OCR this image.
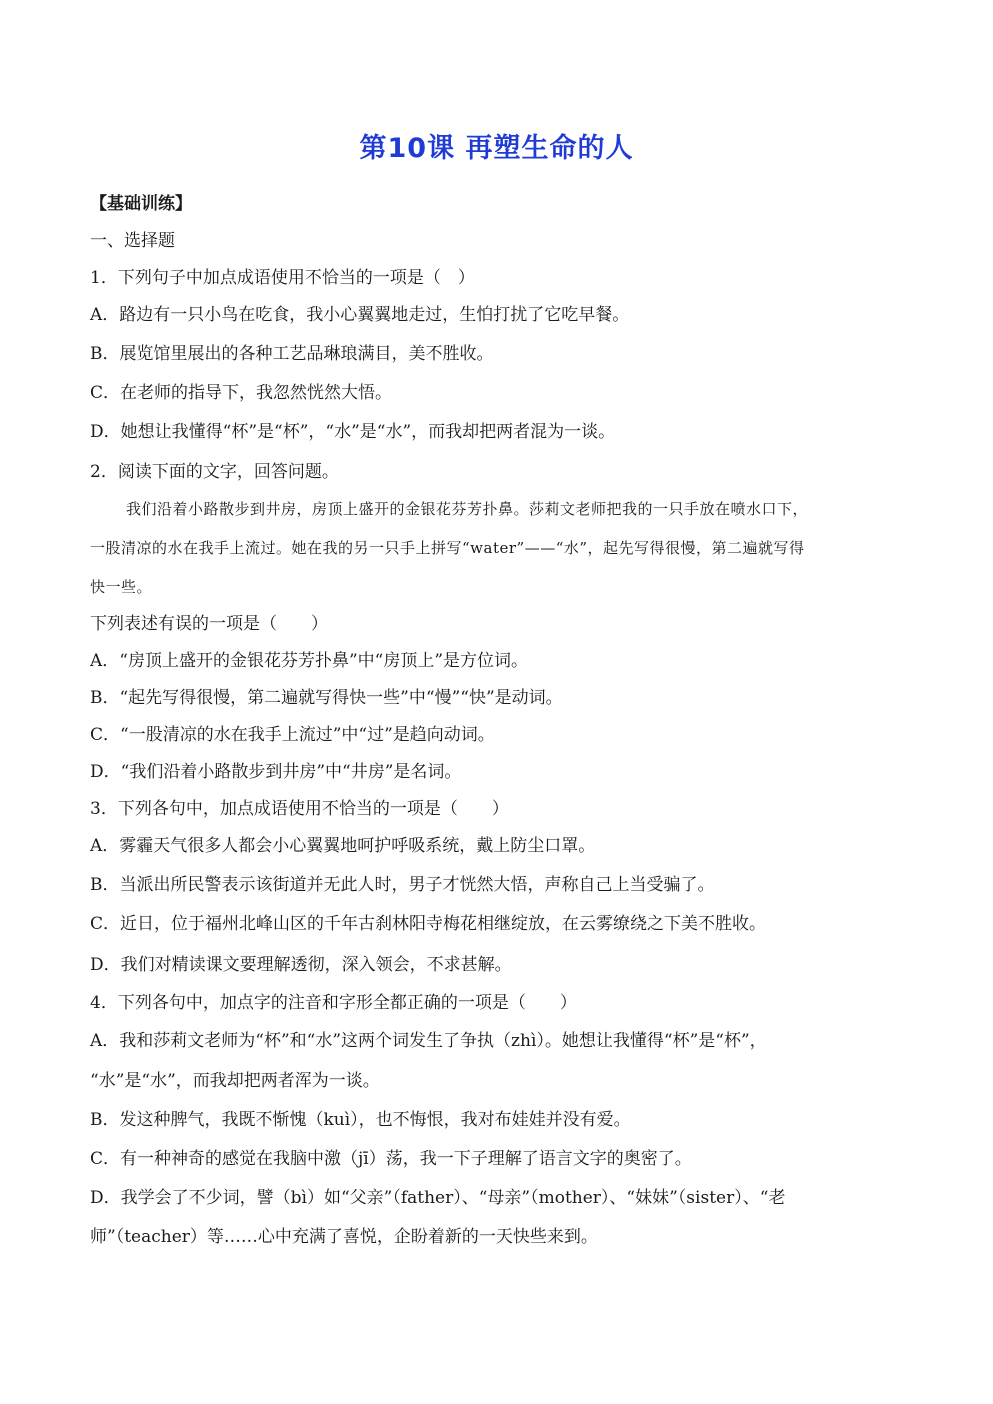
第10课 再塑生命的人
【基础训练】
一、选择题
1．下列句子中加点成语使用不恰当的一项是（　）
A．路边有一只小鸟在吃食，我小心翼翼地走过，生怕打扰了它吃早餐。
B．展览馆里展出的各种工艺品琳琅满目，美不胜收。
C．在老师的指导下，我忽然恍然大悟。
D．她想让我懂得“杯”是“杯”，“水”是“水”，而我却把两者混为一谈。
2．阅读下面的文字，回答问题。
我们沿着小路散步到井房，房顶上盛开的金银花芬芳扑鼻。莎莉文老师把我的一只手放在喷水口下，
一股清凉的水在我手上流过。她在我的另一只手上拼写“water”——“水”，起先写得很慢，第二遍就写得
快一些。
下列表述有误的一项是（　　）
A．“房顶上盛开的金银花芬芳扑鼻”中“房顶上”是方位词。
B．“起先写得很慢，第二遍就写得快一些”中“慢”“快”是动词。
C．“一股清凉的水在我手上流过”中“过”是趋向动词。
D．“我们沿着小路散步到井房”中“井房”是名词。
3．下列各句中，加点成语使用不恰当的一项是（　　）
A．雾霾天气很多人都会小心翼翼地呵护呼吸系统，戴上防尘口罩。
B．当派出所民警表示该街道并无此人时，男子才恍然大悟，声称自己上当受骗了。
C．近日，位于福州北峰山区的千年古刹林阳寺梅花相继绽放，在云雾缭绕之下美不胜收。
D．我们对精读课文要理解透彻，深入领会，不求甚解。
4．下列各句中，加点字的注音和字形全都正确的一项是（　　）
A．我和莎莉文老师为“杯”和“水”这两个词发生了争执（zhì）。她想让我懂得“杯”是“杯”，
“水”是“水”，而我却把两者浑为一谈。
B．发这种脾气，我既不惭愧（kuì），也不悔恨，我对布娃娃并没有爱。
C．有一种神奇的感觉在我脑中激（jī）荡，我一下子理解了语言文字的奥密了。
D．我学会了不少词，譬（bì）如“父亲”（father）、“母亲”（mother）、“妹妹”（sister）、“老
师”（teacher）等……心中充满了喜悦，企盼着新的一天快些来到。
